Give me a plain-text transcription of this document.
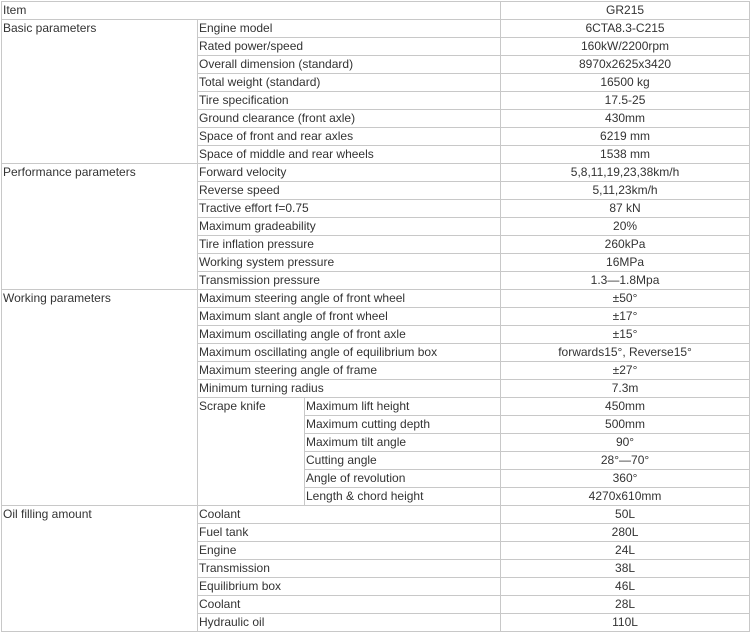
Item			GR215
Basic parameters	Engine model		6CTA8.3-C215
	Rated power/speed		160kW/2200rpm
	Overall dimension (standard)		8970x2625x3420
	Total weight (standard)		16500 kg
	Tire specification		17.5-25
	Ground clearance (front axle)		430mm
	Space of front and rear axles		6219 mm
	Space of middle and rear wheels		1538 mm
Performance parameters	Forward velocity		5,8,11,19,23,38km/h
	Reverse speed		5,11,23km/h
	Tractive effort f=0.75		87 kN
	Maximum gradeability		20%
	Tire inflation pressure		260kPa
	Working system pressure		16MPa
	Transmission pressure		1.3—1.8Mpa
Working parameters	Maximum steering angle of front wheel		±50°
	Maximum slant angle of front wheel		±17°
	Maximum oscillating angle of front axle		±15°
	Maximum oscillating angle of equilibrium box		forwards15°, Reverse15°
	Maximum steering angle of frame		±27°
	Minimum turning radius		7.3m
	Scrape knife	Maximum lift height	450mm
		Maximum cutting depth	500mm
		Maximum tilt angle	90°
		Cutting angle	28°—70°
		Angle of revolution	360°
		Length & chord height	4270x610mm
Oil filling amount	Coolant		50L
	Fuel tank		280L
	Engine		24L
	Transmission		38L
	Equilibrium box		46L
	Coolant		28L
	Hydraulic oil		110L
